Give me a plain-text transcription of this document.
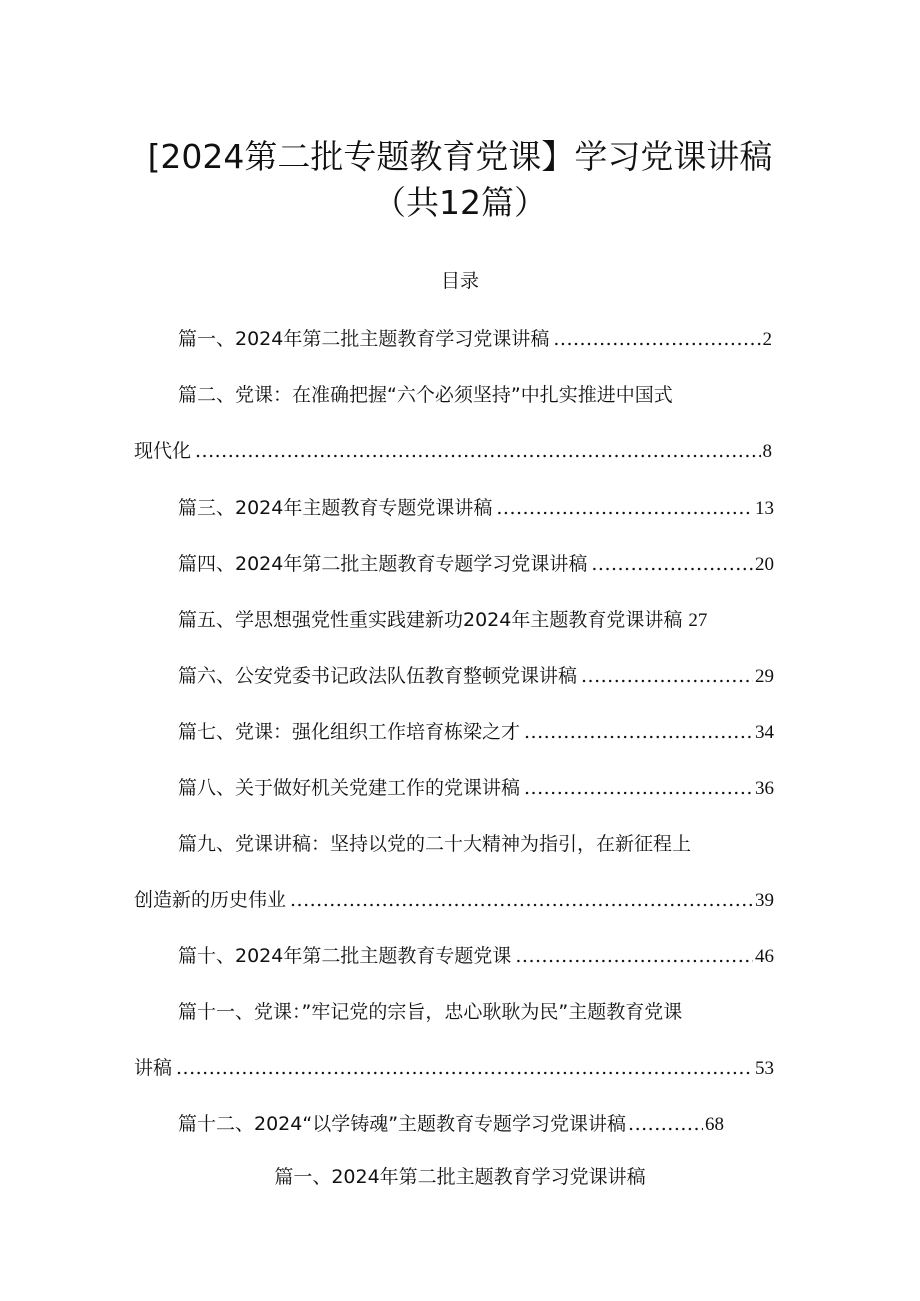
[2024第二批专题教育党课】学习党课讲稿
（共12篇）
目录
篇一、2024年第二批主题教育学习党课讲稿 .....	2
篇二、党课：在准确把握“六个必须坚持”中扎实推进中国式
现代化 .....	8
篇三、2024年主题教育专题党课讲稿 .....	13
篇四、2024年第二批主题教育专题学习党课讲稿 .....	20
篇五、学思想强党性重实践建新功2024年主题教育党课讲稿 27
篇六、公安党委书记政法队伍教育整顿党课讲稿 .....	29
篇七、党课：强化组织工作培育栋梁之才 .....	34
篇八、关于做好机关党建工作的党课讲稿 .....	36
篇九、党课讲稿：坚持以党的二十大精神为指引，在新征程上
创造新的历史伟业 .....	39
篇十、2024年第二批主题教育专题党课 .....	46
篇十一、党课：”牢记党的宗旨，忠心耿耿为民”主题教育党课
讲稿 .....	53
篇十二、2024“以学铸魂”主题教育专题学习党课讲稿 .....	68
篇一、2024年第二批主题教育学习党课讲稿
